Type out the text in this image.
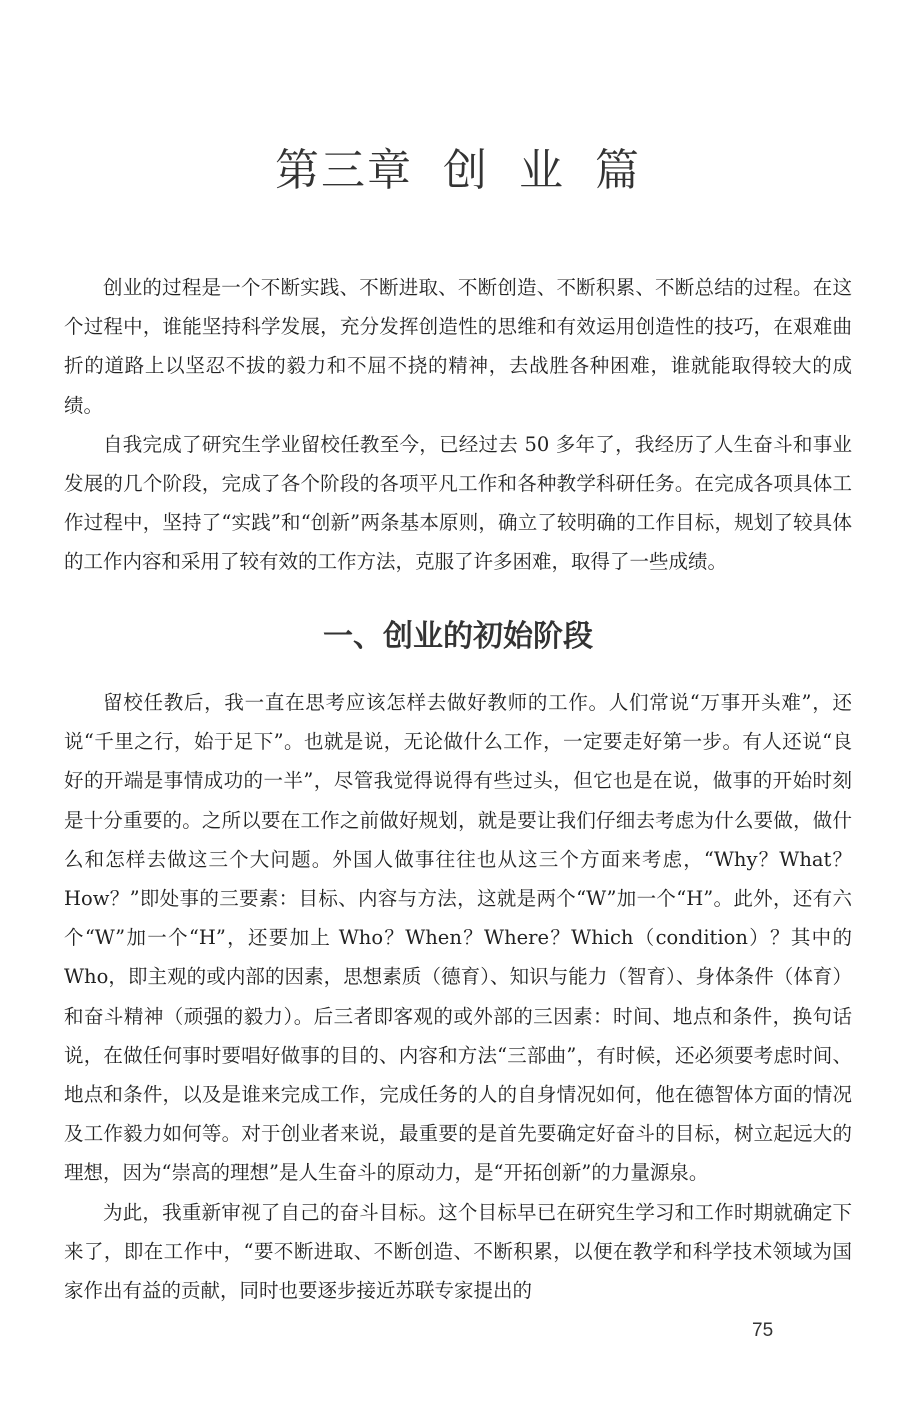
第三章 创 业 篇

创业的过程是一个不断实践、不断进取、不断创造、不断积累、不断总结的过程。在这个过程中，谁能坚持科学发展，充分发挥创造性的思维和有效运用创造性的技巧，在艰难曲折的道路上以坚忍不拔的毅力和不屈不挠的精神，去战胜各种困难，谁就能取得较大的成绩。

自我完成了研究生学业留校任教至今，已经过去 50 多年了，我经历了人生奋斗和事业发展的几个阶段，完成了各个阶段的各项平凡工作和各种教学科研任务。在完成各项具体工作过程中，坚持了“实践”和“创新”两条基本原则，确立了较明确的工作目标，规划了较具体的工作内容和采用了较有效的工作方法，克服了许多困难，取得了一些成绩。

一、创业的初始阶段

留校任教后，我一直在思考应该怎样去做好教师的工作。人们常说“万事开头难”，还说“千里之行，始于足下”。也就是说，无论做什么工作，一定要走好第一步。有人还说“良好的开端是事情成功的一半”，尽管我觉得说得有些过头，但它也是在说，做事的开始时刻是十分重要的。之所以要在工作之前做好规划，就是要让我们仔细去考虑为什么要做，做什么和怎样去做这三个大问题。外国人做事往往也从这三个方面来考虑，“Why？What？How？”即处事的三要素：目标、内容与方法，这就是两个“W”加一个“H”。此外，还有六个“W”加一个“H”，还要加上 Who？When？Where？Which（condition）？其中的 Who，即主观的或内部的因素，思想素质（德育）、知识与能力（智育）、身体条件（体育）和奋斗精神（顽强的毅力）。后三者即客观的或外部的三因素：时间、地点和条件，换句话说，在做任何事时要唱好做事的目的、内容和方法“三部曲”，有时候，还必须要考虑时间、地点和条件，以及是谁来完成工作，完成任务的人的自身情况如何，他在德智体方面的情况及工作毅力如何等。对于创业者来说，最重要的是首先要确定好奋斗的目标，树立起远大的理想，因为“崇高的理想”是人生奋斗的原动力，是“开拓创新”的力量源泉。

为此，我重新审视了自己的奋斗目标。这个目标早已在研究生学习和工作时期就确定下来了，即在工作中，“要不断进取、不断创造、不断积累，以便在教学和科学技术领域为国家作出有益的贡献，同时也要逐步接近苏联专家提出的

75
